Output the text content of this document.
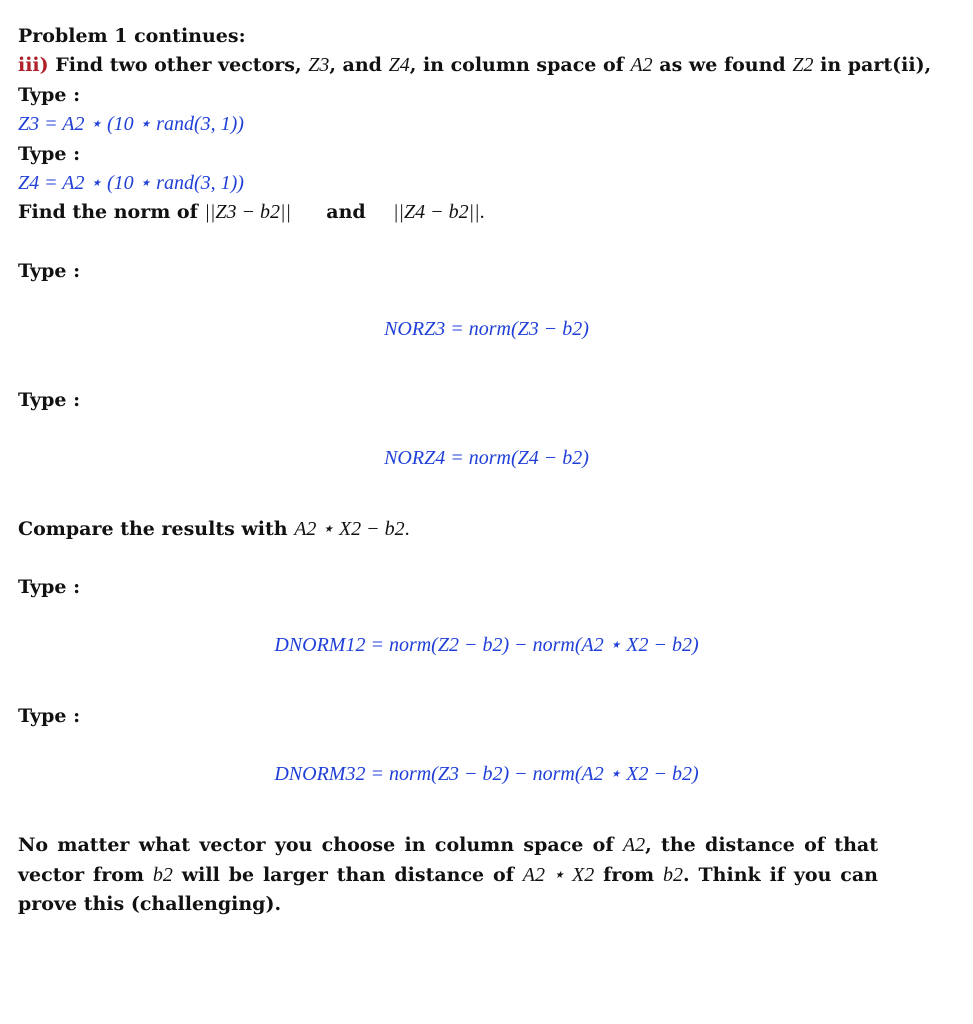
Problem 1 continues:
iii) Find two other vectors, Z3, and Z4, in column space of A2 as we found Z2 in part(ii),
Type :
Z3 = A2 ⋆ (10 ⋆ rand(3, 1))
Type :
Z4 = A2 ⋆ (10 ⋆ rand(3, 1))
Find the norm of ||Z3 − b2|| and ||Z4 − b2||.
Type :
NORZ3 = norm(Z3 − b2)
Type :
NORZ4 = norm(Z4 − b2)
Compare the results with A2 ⋆ X2 − b2.
Type :
DNORM12 = norm(Z2 − b2) − norm(A2 ⋆ X2 − b2)
Type :
DNORM32 = norm(Z3 − b2) − norm(A2 ⋆ X2 − b2)
No matter what vector you choose in column space of A2, the distance of that vector from b2 will be larger than distance of A2 ⋆ X2 from b2. Think if you can prove this (challenging).
